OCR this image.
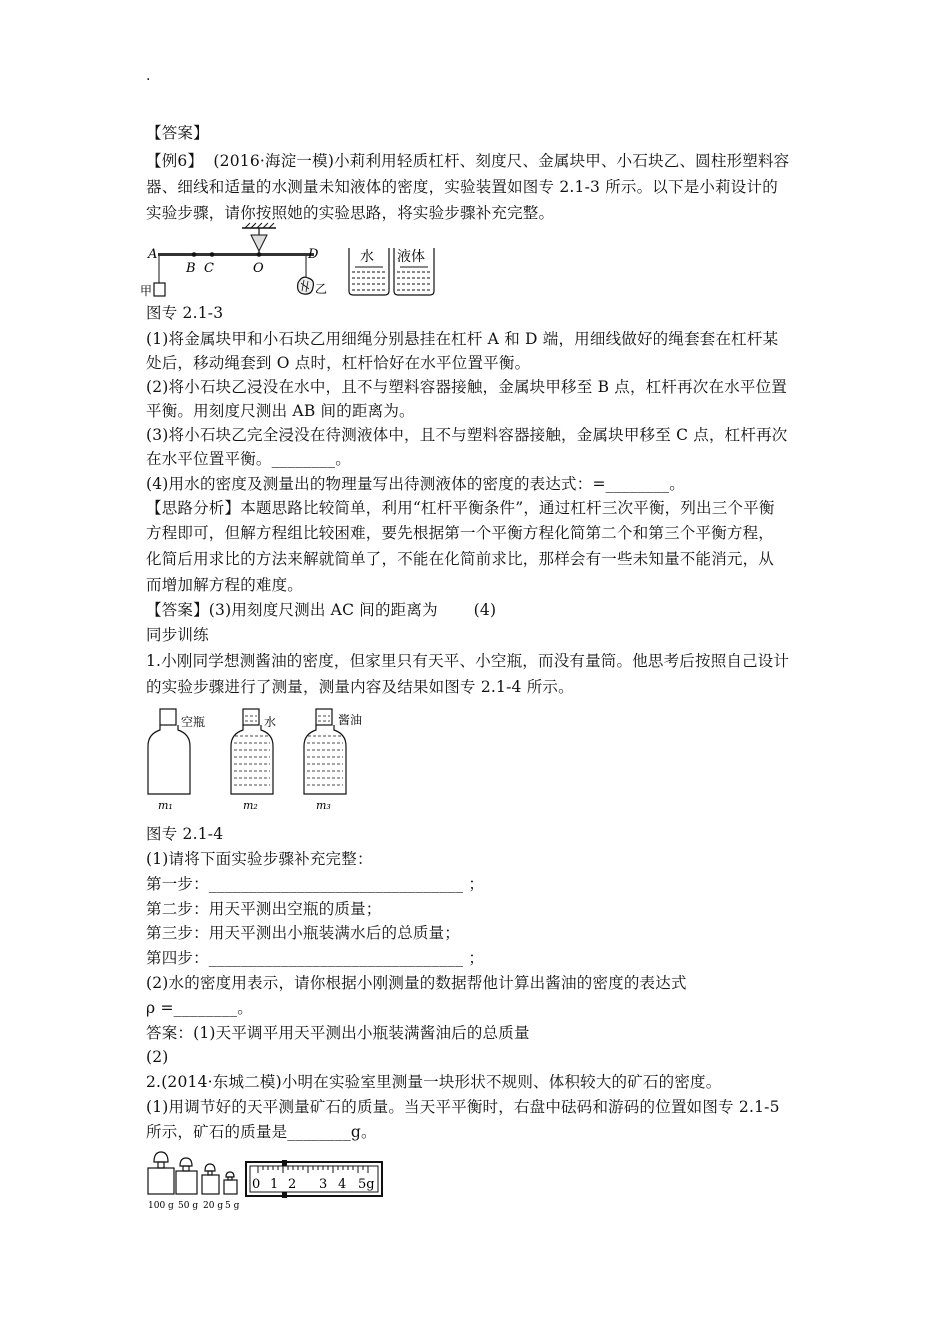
.
【答案】
【例6】  (2016·海淀一模)小莉利用轻质杠杆、刻度尺、金属块甲、小石块乙、圆柱形塑料容
器、细线和适量的水测量未知液体的密度，实验装置如图专 2.1-3 所示。以下是小莉设计的
实验步骤，请你按照她的实验思路，将实验步骤补充完整。
A
B C	O
D
甲	乙
水 液体
图专 2.1-3
(1)将金属块甲和小石块乙用细绳分别悬挂在杠杆 A 和 D 端，用细线做好的绳套套在杠杆某
处后，移动绳套到 O 点时，杠杆恰好在水平位置平衡。
(2)将小石块乙浸没在水中，且不与塑料容器接触，金属块甲移至 B 点，杠杆再次在水平位置
平衡。用刻度尺测出 AB 间的距离为。
(3)将小石块乙完全浸没在待测液体中，且不与塑料容器接触，金属块甲移至 C 点，杠杆再次
在水平位置平衡。________。
(4)用水的密度及测量出的物理量写出待测液体的密度的表达式：=________。
【思路分析】本题思路比较简单，利用“杠杆平衡条件”，通过杠杆三次平衡，列出三个平衡
方程即可，但解方程组比较困难，要先根据第一个平衡方程化简第二个和第三个平衡方程，
化简后用求比的方法来解就简单了，不能在化简前求比，那样会有一些未知量不能消元，从
而增加解方程的难度。
【答案】(3)用刻度尺测出 AC 间的距离为       (4)
同步训练
1.小刚同学想测酱油的密度，但家里只有天平、小空瓶，而没有量筒。他思考后按照自己设计
的实验步骤进行了测量，测量内容及结果如图专 2.1-4 所示。
空瓶
m₁
水
m₂
酱油
m₃
图专 2.1-4
(1)请将下面实验步骤补充完整：
第一步：________________________________ ；
第二步：用天平测出空瓶的质量；
第三步：用天平测出小瓶装满水后的总质量；
第四步：________________________________ ；
(2)水的密度用表示，请你根据小刚测量的数据帮他计算出酱油的密度的表达式
ρ =________。
答案：(1)天平调平用天平测出小瓶装满酱油后的总质量
(2)
2.(2014·东城二模)小明在实验室里测量一块形状不规则、体积较大的矿石的密度。
(1)用调节好的天平测量矿石的质量。当天平平衡时，右盘中砝码和游码的位置如图专 2.1-5
所示，矿石的质量是________g。
100 g 50 g 20 g 5 g
0 1 2 3 4 5g
